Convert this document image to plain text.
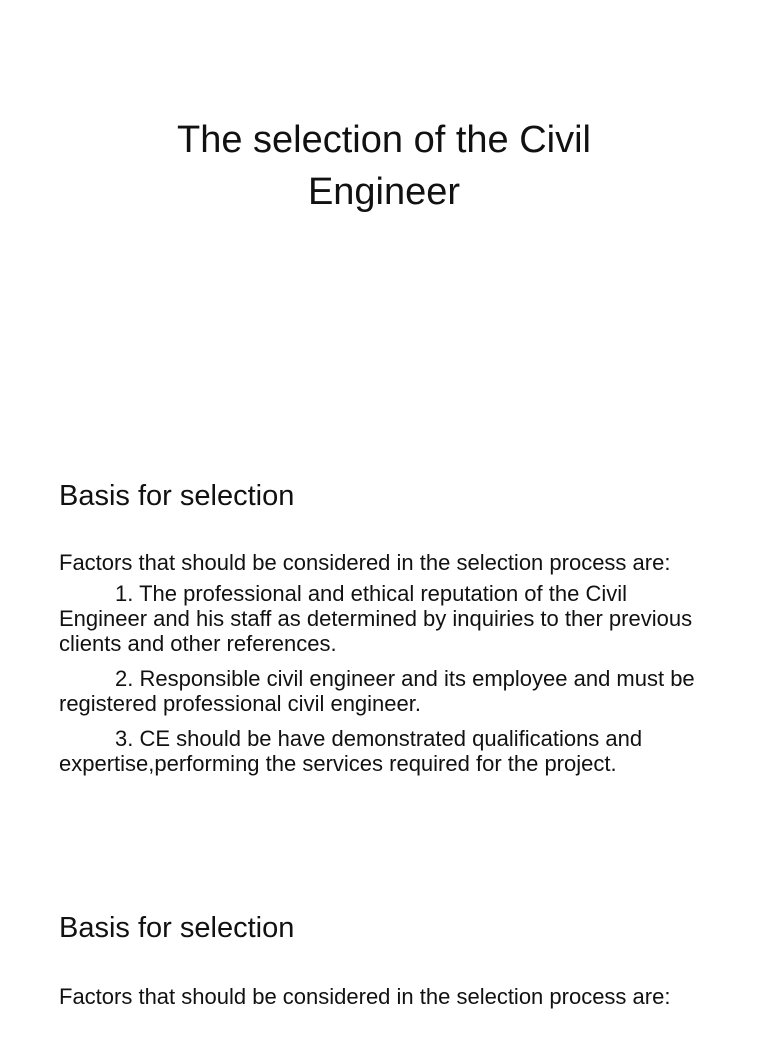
The selection of the Civil
Engineer
Basis for selection

Factors that should be considered in the selection process are:

1. The professional and ethical reputation of the Civil Engineer and his staff as determined by inquiries to ther previous clients and other references.

2. Responsible civil engineer and its employee and must be registered professional civil engineer.

3. CE should be have demonstrated qualifications and expertise,performing the services required for the project.

Basis for selection

Factors that should be considered in the selection process are:
